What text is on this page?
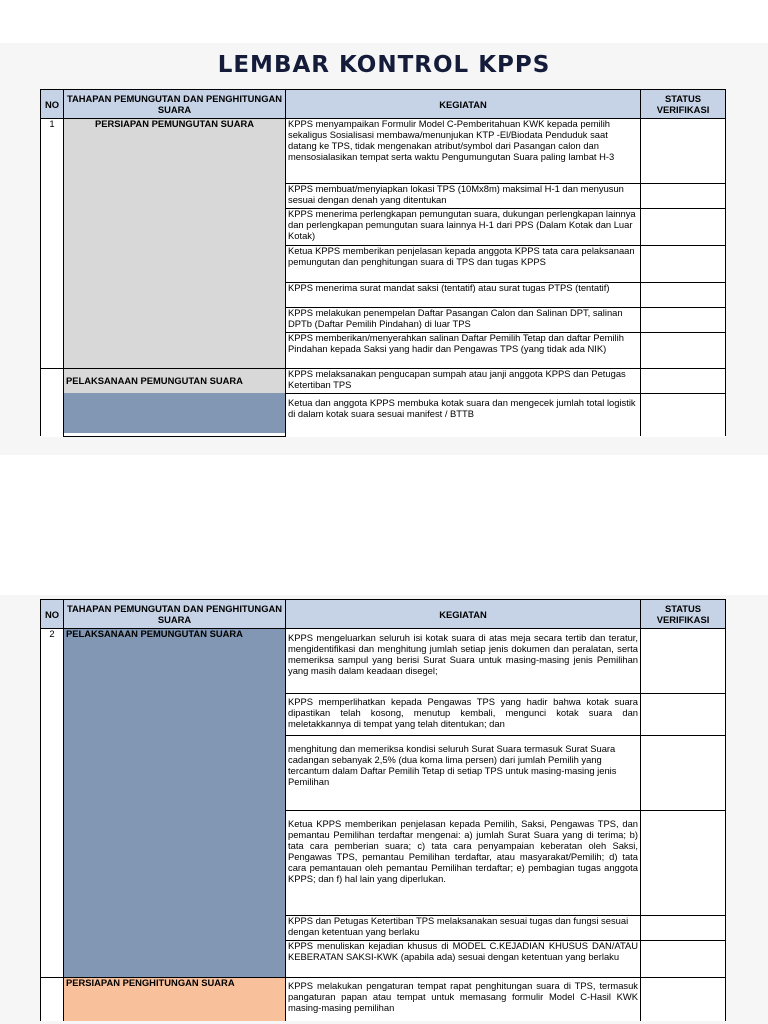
LEMBAR KONTROL KPPS
NO	TAHAPAN PEMUNGUTAN DAN PENGHITUNGAN SUARA	KEGIATAN	STATUS VERIFIKASI
1	PERSIAPAN PEMUNGUTAN SUARA	KPPS menyampaikan Formulir Model C-Pemberitahuan KWK kepada pemilih sekaligus Sosialisasi membawa/menunjukan KTP -El/Biodata Penduduk saat datang ke TPS, tidak mengenakan atribut/symbol dari Pasangan calon dan mensosialasikan tempat serta waktu Pengumungutan Suara paling lambat H-3	
		KPPS membuat/menyiapkan lokasi TPS (10Mx8m) maksimal H-1 dan menyusun sesuai dengan denah yang ditentukan	
		KPPS menerima perlengkapan pemungutan suara, dukungan perlengkapan lainnya dan perlengkapan pemungutan suara lainnya H-1 dari PPS (Dalam Kotak dan Luar Kotak)	
		Ketua KPPS memberikan penjelasan kepada anggota KPPS tata cara pelaksanaan pemungutan dan penghitungan suara di TPS dan tugas KPPS	
		KPPS menerima surat mandat saksi (tentatif) atau surat tugas PTPS (tentatif)	
		KPPS melakukan penempelan Daftar Pasangan Calon dan Salinan DPT, salinan DPTb (Daftar Pemilih Pindahan) di luar TPS	
		KPPS memberikan/menyerahkan salinan Daftar Pemilih Tetap dan daftar Pemilih Pindahan kepada Saksi yang hadir dan Pengawas TPS (yang tidak ada NIK)	

	PELAKSANAAN PEMUNGUTAN SUARA	KPPS melaksanakan pengucapan sumpah atau janji anggota KPPS dan Petugas Ketertiban TPS	
		Ketua dan anggota KPPS membuka kotak suara dan mengecek jumlah total logistik di dalam kotak suara sesuai manifest / BTTB	
NO	TAHAPAN PEMUNGUTAN DAN PENGHITUNGAN SUARA	KEGIATAN	STATUS VERIFIKASI
2	PELAKSANAAN PEMUNGUTAN SUARA	KPPS mengeluarkan seluruh isi kotak suara di atas meja secara tertib dan teratur, mengidentifikasi dan menghitung jumlah setiap jenis dokumen dan peralatan, serta memeriksa sampul yang berisi Surat Suara untuk masing-masing jenis Pemilihan yang masih dalam keadaan disegel;	
		KPPS memperlihatkan kepada Pengawas TPS yang hadir bahwa kotak suara dipastikan telah kosong, menutup kembali, mengunci kotak suara dan meletakkannya di tempat yang telah ditentukan; dan	
		menghitung dan memeriksa kondisi seluruh Surat Suara termasuk Surat Suara cadangan sebanyak 2,5% (dua koma lima persen) dari jumlah Pemilih yang tercantum dalam Daftar Pemilih Tetap di setiap TPS untuk masing-masing jenis Pemilihan	
		Ketua KPPS memberikan penjelasan kepada Pemilih, Saksi, Pengawas TPS, dan pemantau Pemilihan terdaftar mengenai: a) jumlah Surat Suara yang di terima; b) tata cara pemberian suara; c) tata cara penyampaian keberatan oleh Saksi, Pengawas TPS, pemantau Pemilihan terdaftar, atau masyarakat/Pemilih; d) tata cara pemantauan oleh pemantau Pemilihan terdaftar; e) pembagian tugas anggota KPPS; dan f) hal lain yang diperlukan.	
		KPPS dan Petugas Ketertiban TPS melaksanakan sesuai tugas dan fungsi sesuai dengan ketentuan yang berlaku	
		KPPS menuliskan kejadian khusus di MODEL C.KEJADIAN KHUSUS DAN/ATAU KEBERATAN SAKSI-KWK (apabila ada) sesuai dengan ketentuan yang berlaku	
	PERSIAPAN PENGHITUNGAN SUARA	KPPS melakukan pengaturan tempat rapat penghitungan suara di TPS, termasuk pangaturan papan atau tempat untuk memasang formulir Model C-Hasil KWK masing-masing pemilihan	
